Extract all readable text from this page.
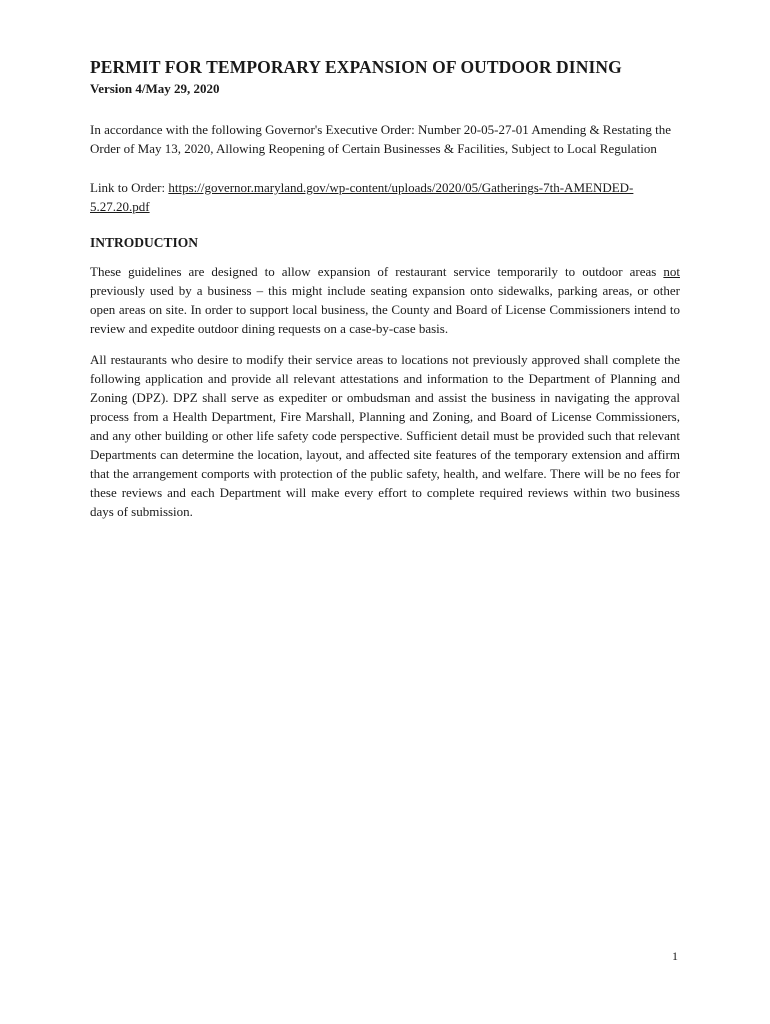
PERMIT FOR TEMPORARY EXPANSION OF OUTDOOR DINING
Version 4/May 29, 2020

In accordance with the following Governor's Executive Order: Number 20-05-27-01 Amending & Restating the Order of May 13, 2020, Allowing Reopening of Certain Businesses & Facilities, Subject to Local Regulation

Link to Order: https://governor.maryland.gov/wp-content/uploads/2020/05/Gatherings-7th-AMENDED-5.27.20.pdf

INTRODUCTION

These guidelines are designed to allow expansion of restaurant service temporarily to outdoor areas not previously used by a business – this might include seating expansion onto sidewalks, parking areas, or other open areas on site. In order to support local business, the County and Board of License Commissioners intend to review and expedite outdoor dining requests on a case-by-case basis.

All restaurants who desire to modify their service areas to locations not previously approved shall complete the following application and provide all relevant attestations and information to the Department of Planning and Zoning (DPZ). DPZ shall serve as expediter or ombudsman and assist the business in navigating the approval process from a Health Department, Fire Marshall, Planning and Zoning, and Board of License Commissioners, and any other building or other life safety code perspective. Sufficient detail must be provided such that relevant Departments can determine the location, layout, and affected site features of the temporary extension and affirm that the arrangement comports with protection of the public safety, health, and welfare. There will be no fees for these reviews and each Department will make every effort to complete required reviews within two business days of submission.

1
